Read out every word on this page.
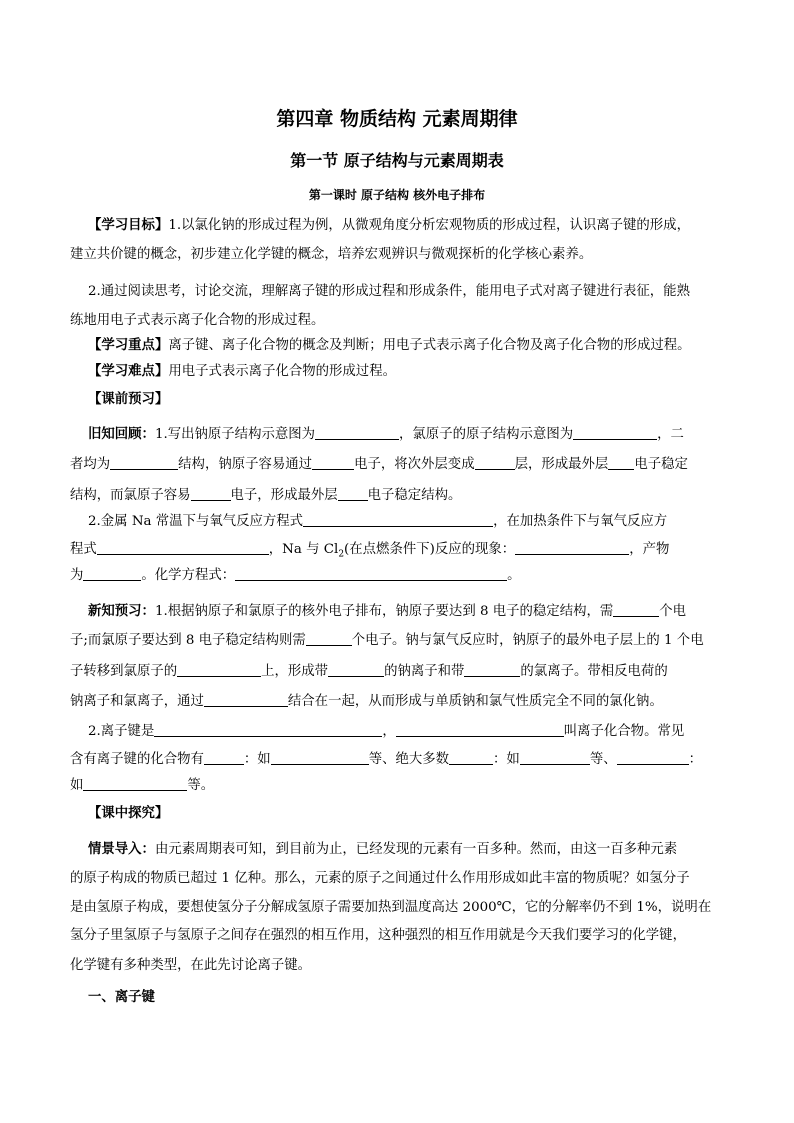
第四章 物质结构 元素周期律
第一节 原子结构与元素周期表
第一课时 原子结构 核外电子排布
【学习目标】1.以氯化钠的形成过程为例，从微观角度分析宏观物质的形成过程，认识离子键的形成，
建立共价键的概念，初步建立化学键的概念，培养宏观辨识与微观探析的化学核心素养。
2.通过阅读思考，讨论交流，理解离子键的形成过程和形成条件，能用电子式对离子键进行表征，能熟
练地用电子式表示离子化合物的形成过程。
【学习重点】离子键、离子化合物的概念及判断；用电子式表示离子化合物及离子化合物的形成过程。
【学习难点】用电子式表示离子化合物的形成过程。
【课前预习】
旧知回顾：1.写出钠原子结构示意图为	，氯原子的原子结构示意图为	，二
者均为	结构，钠原子容易通过	电子，将次外层变成	层，形成最外层 电子稳定
结构，而氯原子容易	电子，形成最外层 电子稳定结构。
2.金属 Na 常温下与氧气反应方程式	，在加热条件下与氧气反应方
程式	，Na 与 $Cl_2$(在点燃条件下)反应的现象：	，产物
为	。化学方程式：	。
新知预习：1.根据钠原子和氯原子的核外电子排布，钠原子要达到 8 电子的稳定结构，需	个电
子;而氯原子要达到 8 电子稳定结构则需	个电子。钠与氯气反应时，钠原子的最外电子层上的 1 个电
子转移到氯原子的	上，形成带	的钠离子和带	的氯离子。带相反电荷的
钠离子和氯离子，通过	结合在一起，从而形成与单质钠和氯气性质完全不同的氯化钠。
2.离子键是	，	叫离子化合物。常见
含有离子键的化合物有	：如	等、绝大多数	：如	等、	：
如	等。
【课中探究】
情景导入：由元素周期表可知，到目前为止，已经发现的元素有一百多种。然而，由这一百多种元素
的原子构成的物质已超过 1 亿种。那么，元素的原子之间通过什么作用形成如此丰富的物质呢？如氢分子
是由氢原子构成，要想使氢分子分解成氢原子需要加热到温度高达 2000℃，它的分解率仍不到 1%，说明在
氢分子里氢原子与氢原子之间存在强烈的相互作用，这种强烈的相互作用就是今天我们要学习的化学键，
化学键有多种类型，在此先讨论离子键。
一、离子键
